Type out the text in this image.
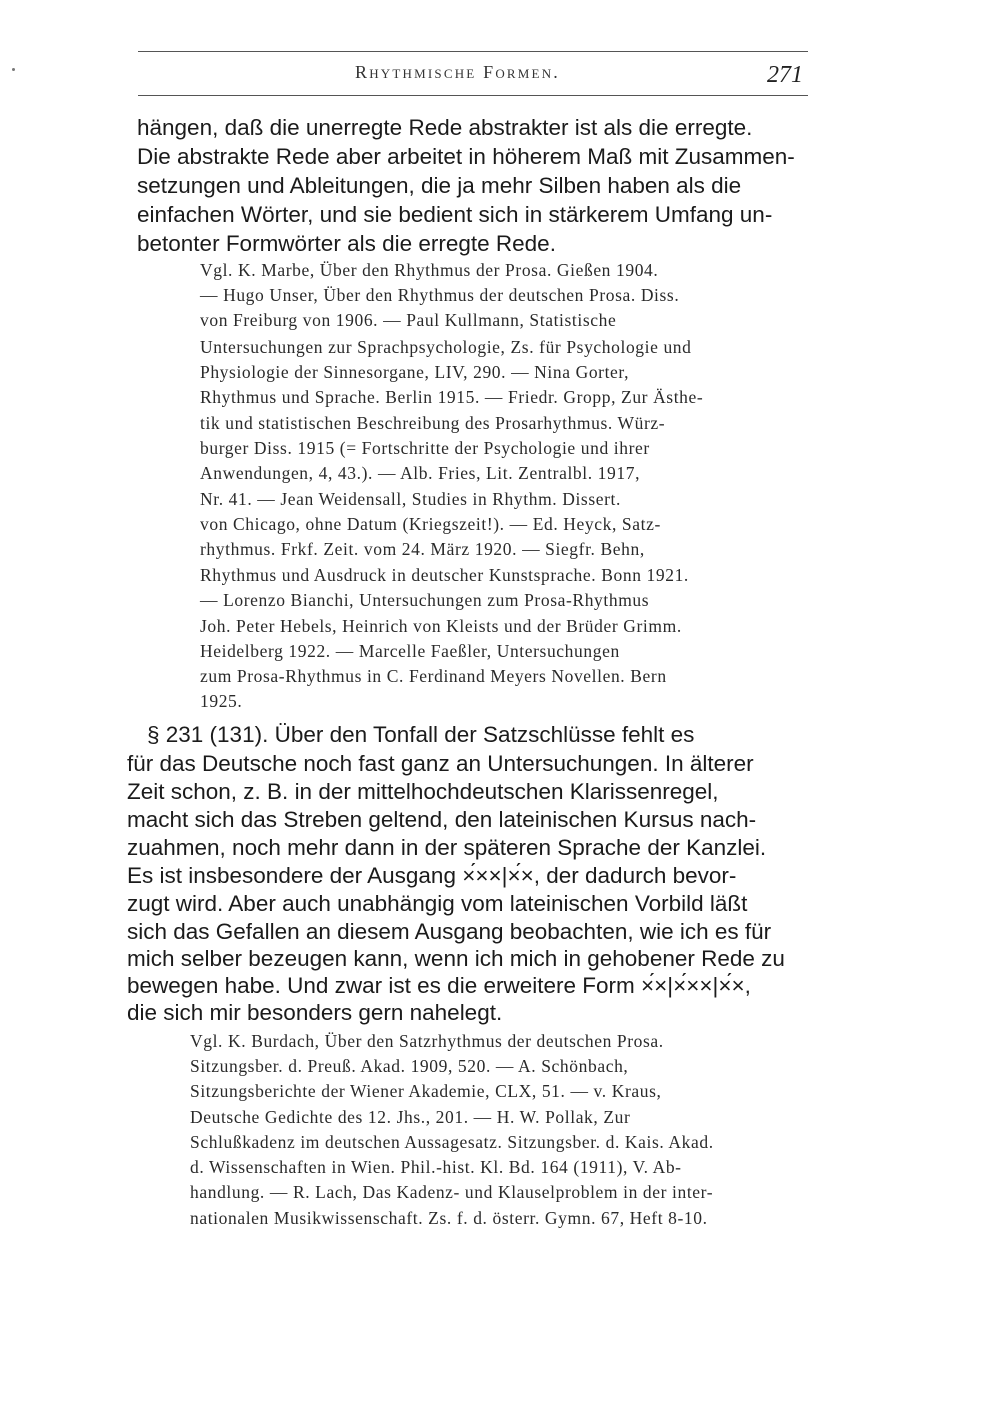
Rhythmische Formen.	271
hängen, daß die unerregte Rede abstrakter ist als die erregte.
Die abstrakte Rede aber arbeitet in höherem Maß mit Zusammen-
setzungen und Ableitungen, die ja mehr Silben haben als die
einfachen Wörter, und sie bedient sich in stärkerem Umfang un-
betonter Formwörter als die erregte Rede.
Vgl. K. Marbe, Über den Rhythmus der Prosa. Gießen 1904.
— Hugo Unser, Über den Rhythmus der deutschen Prosa. Diss.
von Freiburg von 1906. — Paul Kullmann, Statistische
Untersuchungen zur Sprachpsychologie, Zs. für Psychologie und
Physiologie der Sinnesorgane, LIV, 290. — Nina Gorter,
Rhythmus und Sprache. Berlin 1915. — Friedr. Gropp, Zur Ästhe-
tik und statistischen Beschreibung des Prosarhythmus. Würz-
burger Diss. 1915 (= Fortschritte der Psychologie und ihrer
Anwendungen, 4, 43.). — Alb. Fries, Lit. Zentralbl. 1917,
Nr. 41. — Jean Weidensall, Studies in Rhythm. Dissert.
von Chicago, ohne Datum (Kriegszeit!). — Ed. Heyck, Satz-
rhythmus. Frkf. Zeit. vom 24. März 1920. — Siegfr. Behn,
Rhythmus und Ausdruck in deutscher Kunstsprache. Bonn 1921.
— Lorenzo Bianchi, Untersuchungen zum Prosa-Rhythmus
Joh. Peter Hebels, Heinrich von Kleists und der Brüder Grimm.
Heidelberg 1922. — Marcelle Faeßler, Untersuchungen
zum Prosa-Rhythmus in C. Ferdinand Meyers Novellen. Bern
1925.
§ 231 (131). Über den Tonfall der Satzschlüsse fehlt es
für das Deutsche noch fast ganz an Untersuchungen. In älterer
Zeit schon, z. B. in der mittelhochdeutschen Klarissenregel,
macht sich das Streben geltend, den lateinischen Kursus nach-
zuahmen, noch mehr dann in der späteren Sprache der Kanzlei.
Es ist insbesondere der Ausgang ×́××|×́×, der dadurch bevor-
zugt wird. Aber auch unabhängig vom lateinischen Vorbild läßt
sich das Gefallen an diesem Ausgang beobachten, wie ich es für
mich selber bezeugen kann, wenn ich mich in gehobener Rede zu
bewegen habe. Und zwar ist es die erweitere Form ×́×|×́××|×́×,
die sich mir besonders gern nahelegt.
Vgl. K. Burdach, Über den Satzrhythmus der deutschen Prosa.
Sitzungsber. d. Preuß. Akad. 1909, 520. — A. Schönbach,
Sitzungsberichte der Wiener Akademie, CLX, 51. — v. Kraus,
Deutsche Gedichte des 12. Jhs., 201. — H. W. Pollak, Zur
Schlußkadenz im deutschen Aussagesatz. Sitzungsber. d. Kais. Akad.
d. Wissenschaften in Wien. Phil.-hist. Kl. Bd. 164 (1911), V. Ab-
handlung. — R. Lach, Das Kadenz- und Klauselproblem in der inter-
nationalen Musikwissenschaft. Zs. f. d. österr. Gymn. 67, Heft 8-10.
